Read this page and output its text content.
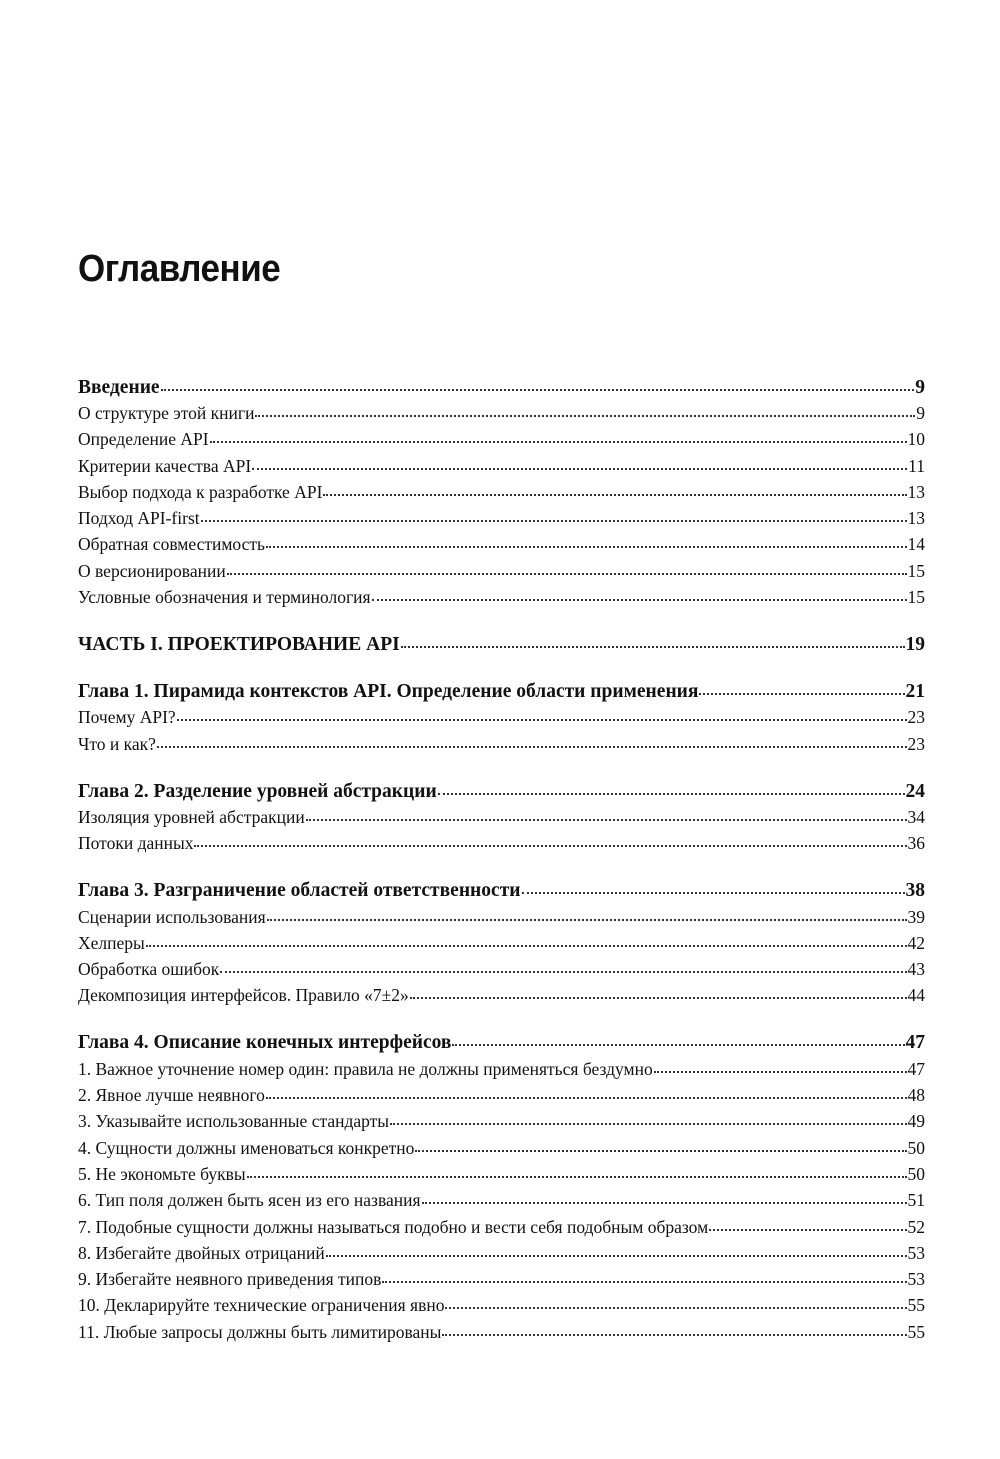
Оглавление
Введение	9
О структуре этой книги	9
Определение API	10
Критерии качества API	11
Выбор подхода к разработке API	13
Подход API-first	13
Обратная совместимость	14
О версионировании	15
Условные обозначения и терминология	15
ЧАСТЬ I. ПРОЕКТИРОВАНИЕ API	19
Глава 1. Пирамида контекстов API. Определение области применения	21
Почему API?	23
Что и как?	23
Глава 2. Разделение уровней абстракции	24
Изоляция уровней абстракции	34
Потоки данных	36
Глава 3. Разграничение областей ответственности	38
Сценарии использования	39
Хелперы	42
Обработка ошибок	43
Декомпозиция интерфейсов. Правило «7±2»	44
Глава 4. Описание конечных интерфейсов	47
1. Важное уточнение номер один: правила не должны применяться бездумно	47
2. Явное лучше неявного	48
3. Указывайте использованные стандарты	49
4. Сущности должны именоваться конкретно	50
5. Не экономьте буквы	50
6. Тип поля должен быть ясен из его названия	51
7. Подобные сущности должны называться подобно и вести себя подобным образом	52
8. Избегайте двойных отрицаний	53
9. Избегайте неявного приведения типов	53
10. Декларируйте технические ограничения явно	55
11. Любые запросы должны быть лимитированы	55
